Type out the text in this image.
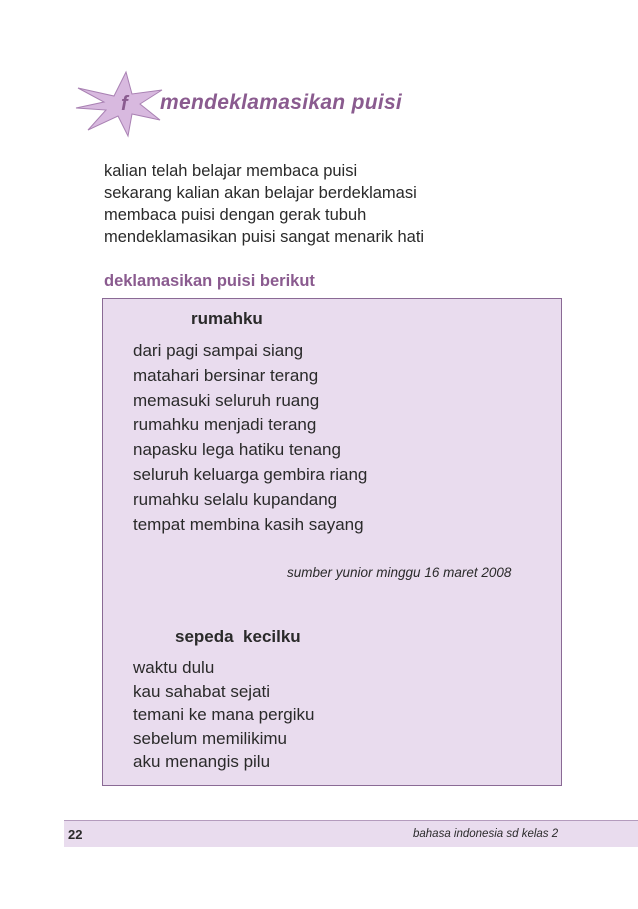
f mendeklamasikan puisi
kalian telah belajar membaca puisi
sekarang kalian akan belajar berdeklamasi
membaca puisi dengan gerak tubuh
mendeklamasikan puisi sangat menarik hati
deklamasikan puisi berikut
rumahku
dari pagi sampai siang
matahari bersinar terang
memasuki seluruh ruang
rumahku menjadi terang
napasku lega hatiku tenang
seluruh keluarga gembira riang
rumahku selalu kupandang
tempat membina kasih sayang
sumber yunior minggu 16 maret 2008
sepeda  kecilku
waktu dulu
kau sahabat sejati
temani ke mana pergiku
sebelum memilikimu
aku menangis pilu
22	bahasa indonesia sd kelas 2
